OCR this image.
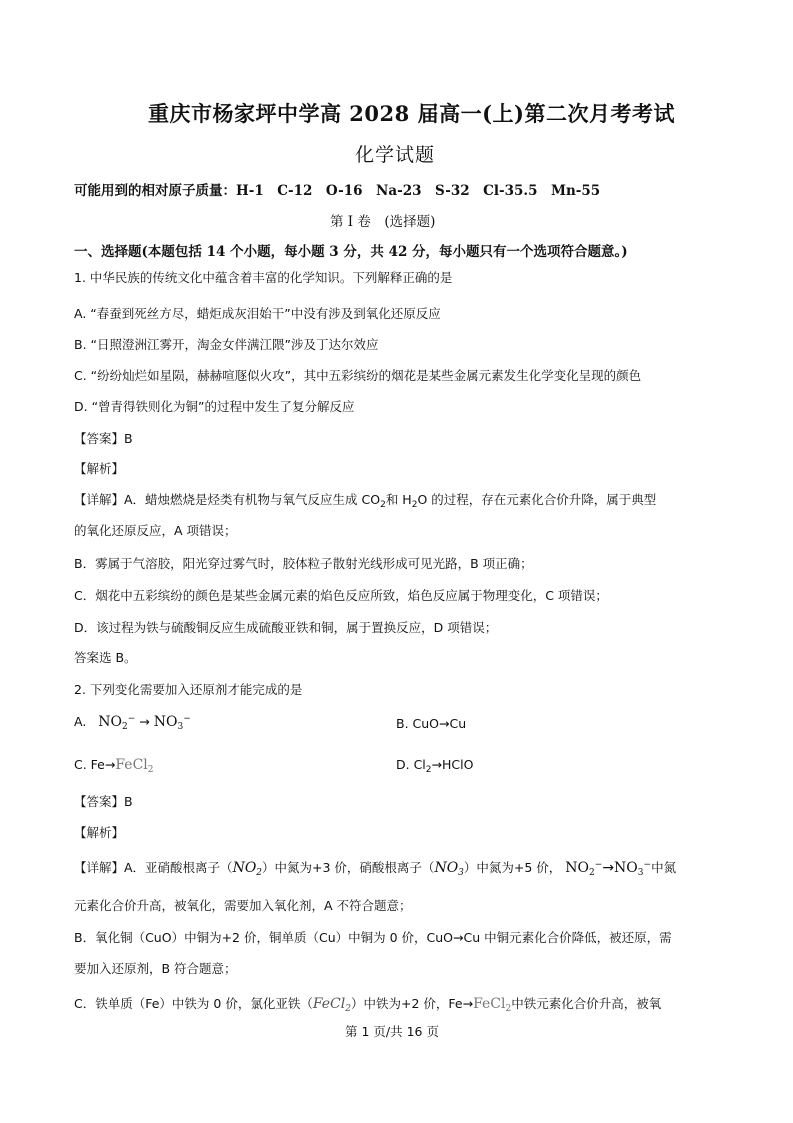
重庆市杨家坪中学高 2028 届高一(上)第二次月考考试
化学试题
可能用到的相对原子质量：H-1　C-12　O-16　Na-23　S-32　Cl-35.5　Mn-55
第 I 卷　(选择题)
一、选择题(本题包括 14 个小题，每小题 3 分，共 42 分，每小题只有一个选项符合题意。)
1. 中华民族的传统文化中蕴含着丰富的化学知识。下列解释正确的是
A. “春蚕到死丝方尽，蜡炬成灰泪始干”中没有涉及到氧化还原反应
B. “日照澄洲江雾开，淘金女伴满江隈”涉及丁达尔效应
C. “纷纷灿烂如星陨，赫赫喧豗似火攻”，其中五彩缤纷的烟花是某些金属元素发生化学变化呈现的颜色
D. “曾青得铁则化为铜”的过程中发生了复分解反应
【答案】B
【解析】
【详解】A．蜡烛燃烧是烃类有机物与氧气反应生成 $CO_2$和 $H_2O$ 的过程，存在元素化合价升降，属于典型
的氧化还原反应，A 项错误；
B．雾属于气溶胶，阳光穿过雾气时，胶体粒子散射光线形成可见光路，B 项正确；
C．烟花中五彩缤纷的颜色是某些金属元素的焰色反应所致，焰色反应属于物理变化，C 项错误；
D．该过程为铁与硫酸铜反应生成硫酸亚铁和铜，属于置换反应，D 项错误；
答案选 B。
2. 下列变化需要加入还原剂才能完成的是
A. $NO_2^- \to NO_3^-$	B. CuO→Cu
C. Fe→FeCl$_2$	D. $Cl_2\to HClO$
【答案】B
【解析】
【详解】A．亚硝酸根离子$(NO_2)$中氮为+3 价，硝酸根离子$(NO_3)$中氮为+5 价， $NO_2^-\to NO_3^-$中氮
元素化合价升高，被氧化，需要加入氧化剂，A 不符合题意；
B．氧化铜（CuO）中铜为+2 价，铜单质（Cu）中铜为 0 价，CuO→Cu 中铜元素化合价降低，被还原，需
要加入还原剂，B 符合题意；
C．铁单质（Fe）中铁为 0 价，氯化亚铁（FeCl$_2$）中铁为+2 价，Fe→FeCl$_2$中铁元素化合价升高，被氧
第 1 页/共 16 页
